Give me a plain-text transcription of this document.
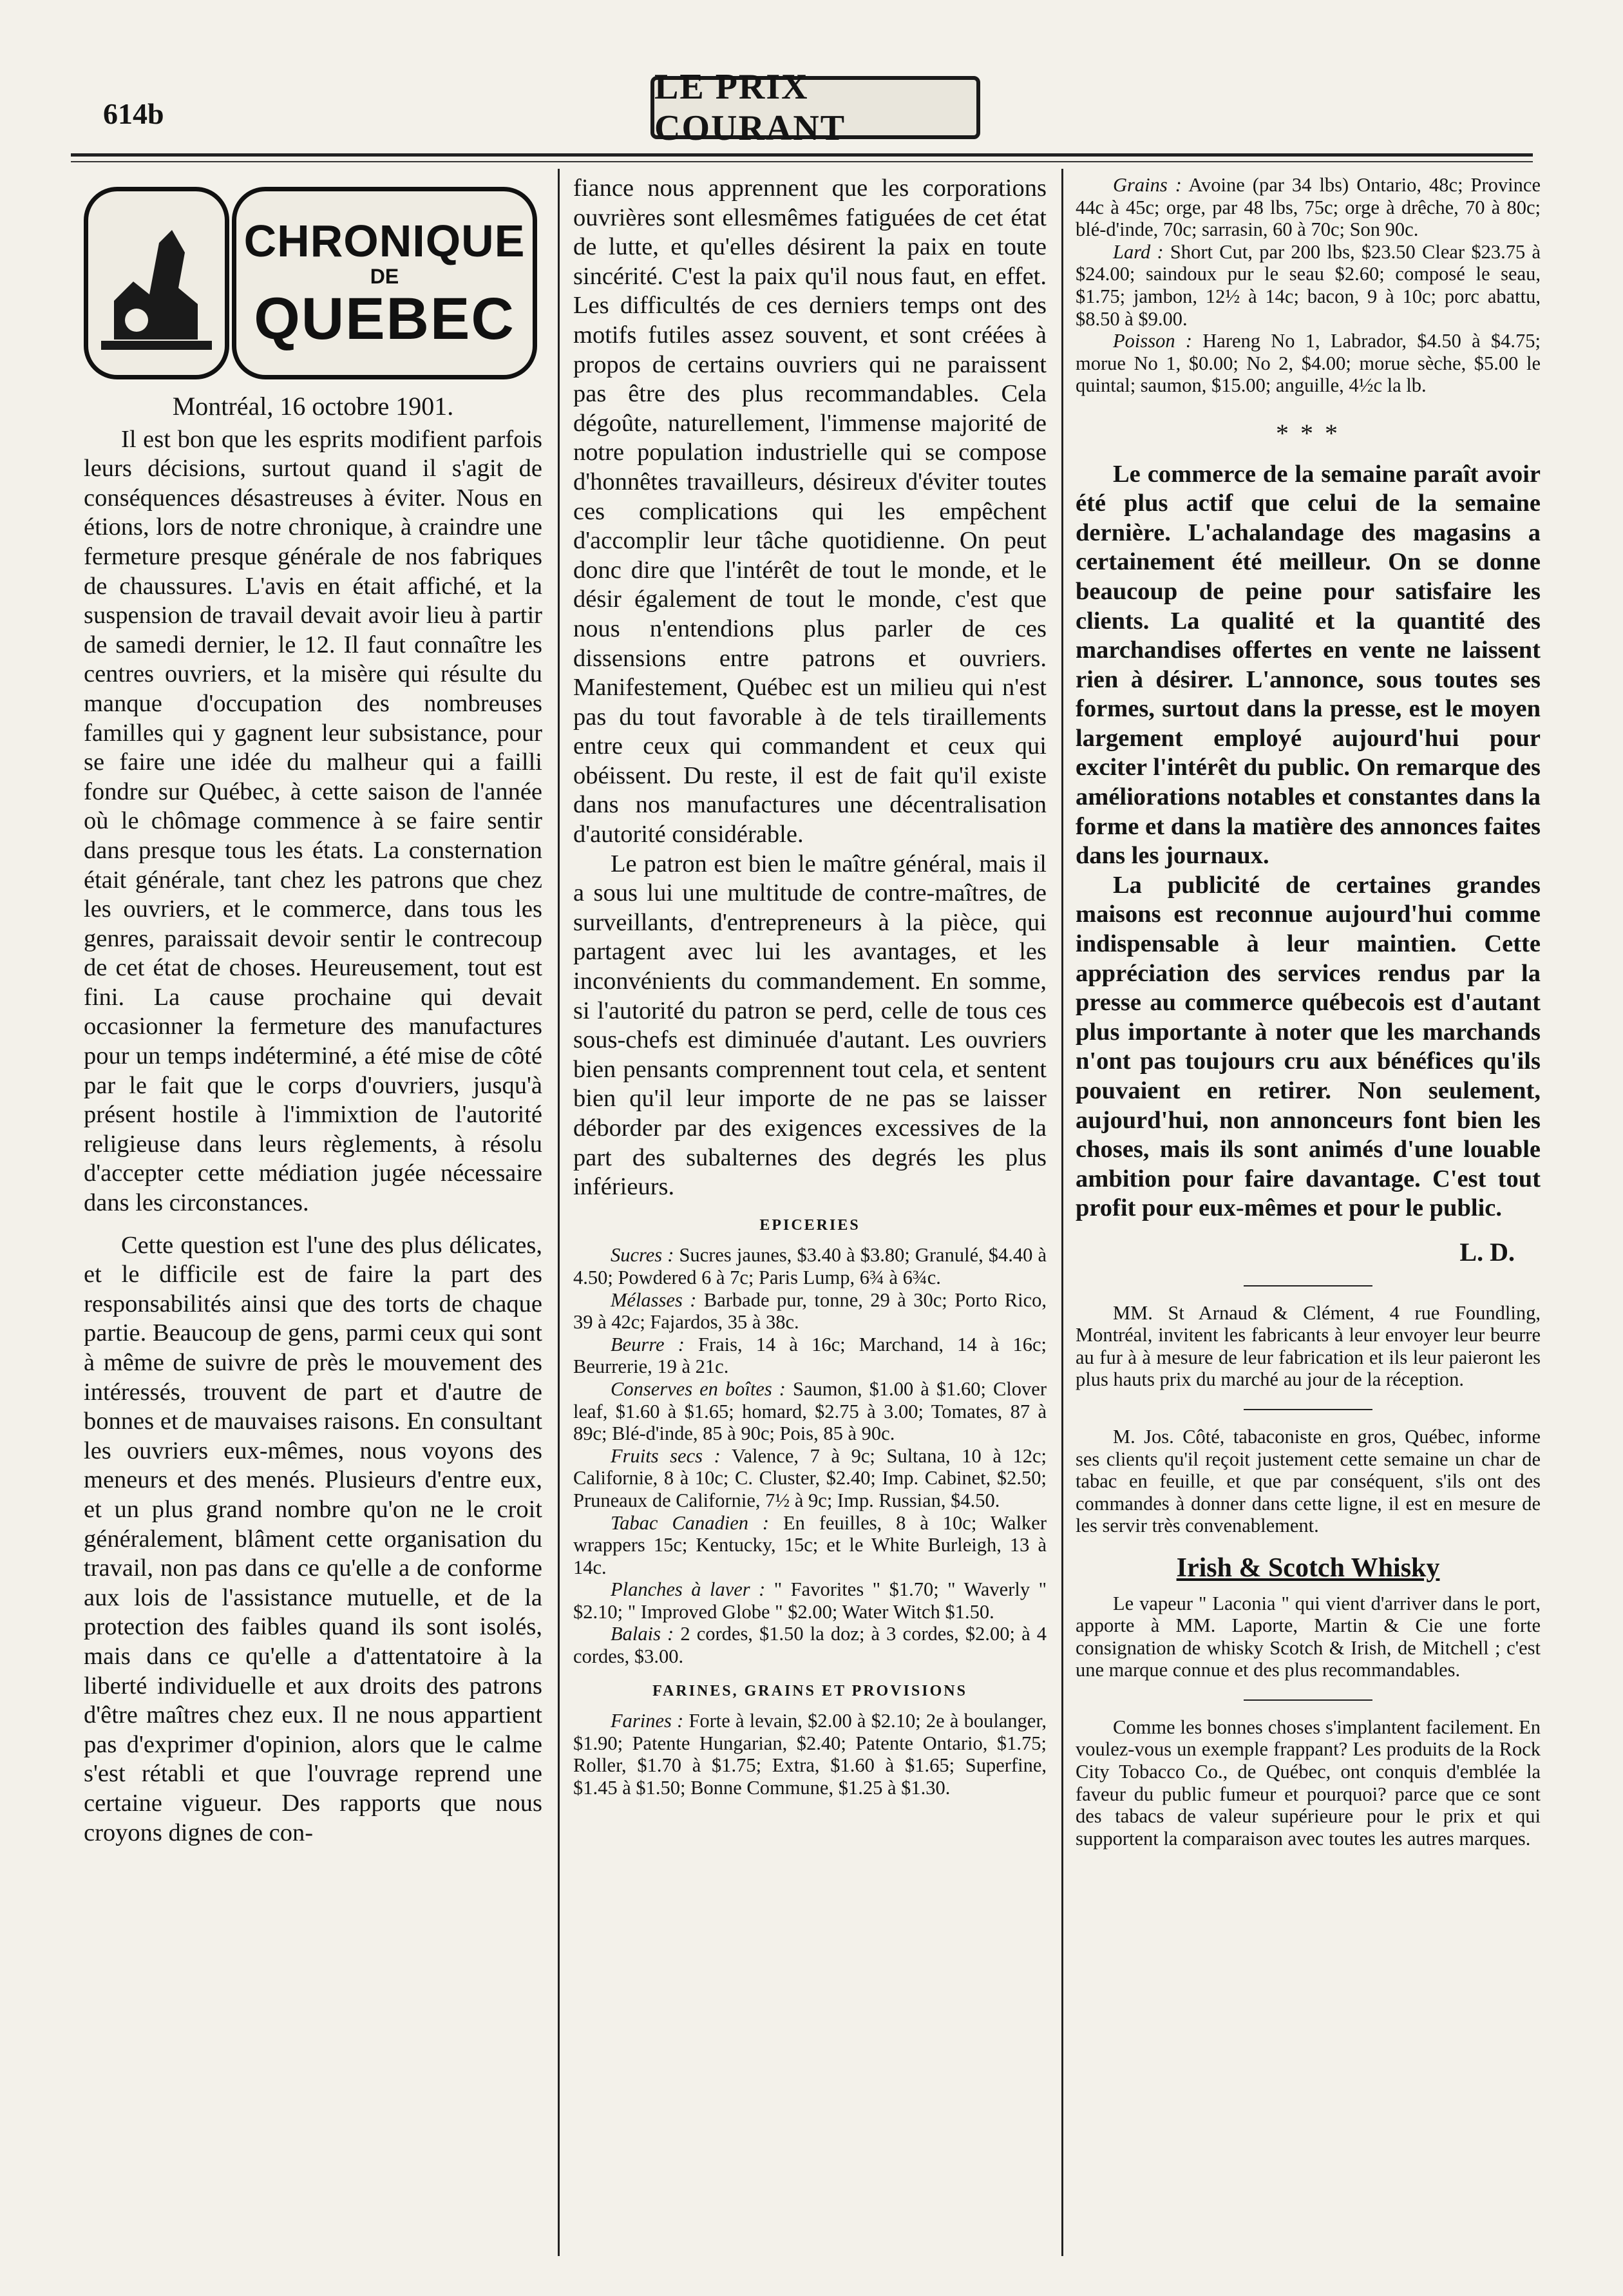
614b
LE PRIX COURANT
CHRONIQUE
DE
QUEBEC
Montréal, 16 octobre 1901.

Il est bon que les esprits modifient parfois leurs décisions, surtout quand il s'agit de conséquences désastreuses à éviter. Nous en étions, lors de notre chronique, à craindre une fermeture presque générale de nos fabriques de chaussures. L'avis en était affiché, et la suspension de travail devait avoir lieu à partir de samedi dernier, le 12. Il faut connaître les centres ouvriers, et la misère qui résulte du manque d'occupation des nombreuses familles qui y gagnent leur subsistance, pour se faire une idée du malheur qui a failli fondre sur Québec, à cette saison de l'année où le chômage commence à se faire sentir dans presque tous les états. La consternation était générale, tant chez les patrons que chez les ouvriers, et le commerce, dans tous les genres, paraissait devoir sentir le contrecoup de cet état de choses. Heureusement, tout est fini. La cause prochaine qui devait occasionner la fermeture des manufactures pour un temps indéterminé, a été mise de côté par le fait que le corps d'ouvriers, jusqu'à présent hostile à l'immixtion de l'autorité religieuse dans leurs règlements, à résolu d'accepter cette médiation jugée nécessaire dans les circonstances.

Cette question est l'une des plus délicates, et le difficile est de faire la part des responsabilités ainsi que des torts de chaque partie. Beaucoup de gens, parmi ceux qui sont à même de suivre de près le mouvement des intéressés, trouvent de part et d'autre de bonnes et de mauvaises raisons. En consultant les ouvriers eux-mêmes, nous voyons des meneurs et des menés. Plusieurs d'entre eux, et un plus grand nombre qu'on ne le croit généralement, blâment cette organisation du travail, non pas dans ce qu'elle a de conforme aux lois de l'assistance mutuelle, et de la protection des faibles quand ils sont isolés, mais dans ce qu'elle a d'attentatoire à la liberté individuelle et aux droits des patrons d'être maîtres chez eux. Il ne nous appartient pas d'exprimer d'opinion, alors que le calme s'est rétabli et que l'ouvrage reprend une certaine vigueur. Des rapports que nous croyons dignes de con-

fiance nous apprennent que les corporations ouvrières sont ellesmêmes fatiguées de cet état de lutte, et qu'elles désirent la paix en toute sincérité. C'est la paix qu'il nous faut, en effet. Les difficultés de ces derniers temps ont des motifs futiles assez souvent, et sont créées à propos de certains ouvriers qui ne paraissent pas être des plus recommandables. Cela dégoûte, naturellement, l'immense majorité de notre population industrielle qui se compose d'honnêtes travailleurs, désireux d'éviter toutes ces complications qui les empêchent d'accomplir leur tâche quotidienne. On peut donc dire que l'intérêt de tout le monde, et le désir également de tout le monde, c'est que nous n'entendions plus parler de ces dissensions entre patrons et ouvriers. Manifestement, Québec est un milieu qui n'est pas du tout favorable à de tels tiraillements entre ceux qui commandent et ceux qui obéissent. Du reste, il est de fait qu'il existe dans nos manufactures une décentralisation d'autorité considérable.

Le patron est bien le maître général, mais il a sous lui une multitude de contre-maîtres, de surveillants, d'entrepreneurs à la pièce, qui partagent avec lui les avantages, et les inconvénients du commandement. En somme, si l'autorité du patron se perd, celle de tous ces sous-chefs est diminuée d'autant. Les ouvriers bien pensants comprennent tout cela, et sentent bien qu'il leur importe de ne pas se laisser déborder par des exigences excessives de la part des subalternes des degrés les plus inférieurs.

EPICERIES

Sucres : Sucres jaunes, $3.40 à $3.80; Granulé, $4.40 à 4.50; Powdered 6 à 7c; Paris Lump, 6¾ à 6¾c.

Mélasses : Barbade pur, tonne, 29 à 30c; Porto Rico, 39 à 42c; Fajardos, 35 à 38c.

Beurre : Frais, 14 à 16c; Marchand, 14 à 16c; Beurrerie, 19 à 21c.

Conserves en boîtes : Saumon, $1.00 à $1.60; Clover leaf, $1.60 à $1.65; homard, $2.75 à 3.00; Tomates, 87 à 89c; Blé-d'inde, 85 à 90c; Pois, 85 à 90c.

Fruits secs : Valence, 7 à 9c; Sultana, 10 à 12c; Californie, 8 à 10c; C. Cluster, $2.40; Imp. Cabinet, $2.50; Pruneaux de Californie, 7½ à 9c; Imp. Russian, $4.50.

Tabac Canadien : En feuilles, 8 à 10c; Walker wrappers 15c; Kentucky, 15c; et le White Burleigh, 13 à 14c.

Planches à laver : " Favorites " $1.70; " Waverly " $2.10; " Improved Globe " $2.00; Water Witch $1.50.

Balais : 2 cordes, $1.50 la doz; à 3 cordes, $2.00; à 4 cordes, $3.00.

FARINES, GRAINS ET PROVISIONS

Farines : Forte à levain, $2.00 à $2.10; 2e à boulanger, $1.90; Patente Hungarian, $2.40; Patente Ontario, $1.75; Roller, $1.70 à $1.75; Extra, $1.60 à $1.65; Superfine, $1.45 à $1.50; Bonne Commune, $1.25 à $1.30.

Grains : Avoine (par 34 lbs) Ontario, 48c; Province 44c à 45c; orge, par 48 lbs, 75c; orge à drêche, 70 à 80c; blé-d'inde, 70c; sarrasin, 60 à 70c; Son 90c.

Lard : Short Cut, par 200 lbs, $23.50 Clear $23.75 à $24.00; saindoux pur le seau $2.60; composé le seau, $1.75; jambon, 12½ à 14c; bacon, 9 à 10c; porc abattu, $8.50 à $9.00.

Poisson : Hareng No 1, Labrador, $4.50 à $4.75; morue No 1, $0.00; No 2, $4.00; morue sèche, $5.00 le quintal; saumon, $15.00; anguille, 4½c la lb.

* * *

Le commerce de la semaine paraît avoir été plus actif que celui de la semaine dernière. L'achalandage des magasins a certainement été meilleur. On se donne beaucoup de peine pour satisfaire les clients. La qualité et la quantité des marchandises offertes en vente ne laissent rien à désirer. L'annonce, sous toutes ses formes, surtout dans la presse, est le moyen largement employé aujourd'hui pour exciter l'intérêt du public. On remarque des améliorations notables et constantes dans la forme et dans la matière des annonces faites dans les journaux.

La publicité de certaines grandes maisons est reconnue aujourd'hui comme indispensable à leur maintien. Cette appréciation des services rendus par la presse au commerce québecois est d'autant plus importante à noter que les marchands n'ont pas toujours cru aux bénéfices qu'ils pouvaient en retirer. Non seulement, aujourd'hui, non annonceurs font bien les choses, mais ils sont animés d'une louable ambition pour faire davantage. C'est tout profit pour eux-mêmes et pour le public.

L. D.

MM. St Arnaud & Clément, 4 rue Foundling, Montréal, invitent les fabricants à leur envoyer leur beurre au fur à à mesure de leur fabrication et ils leur paieront les plus hauts prix du marché au jour de la réception.

M. Jos. Côté, tabaconiste en gros, Québec, informe ses clients qu'il reçoit justement cette semaine un char de tabac en feuille, et que par conséquent, s'ils ont des commandes à donner dans cette ligne, il est en mesure de les servir très convenablement.

Irish & Scotch Whisky

Le vapeur " Laconia " qui vient d'arriver dans le port, apporte à MM. Laporte, Martin & Cie une forte consignation de whisky Scotch & Irish, de Mitchell ; c'est une marque connue et des plus recommandables.

Comme les bonnes choses s'implantent facilement. En voulez-vous un exemple frappant? Les produits de la Rock City Tobacco Co., de Québec, ont conquis d'emblée la faveur du public fumeur et pourquoi? parce que ce sont des tabacs de valeur supérieure pour le prix et qui supportent la comparaison avec toutes les autres marques.
